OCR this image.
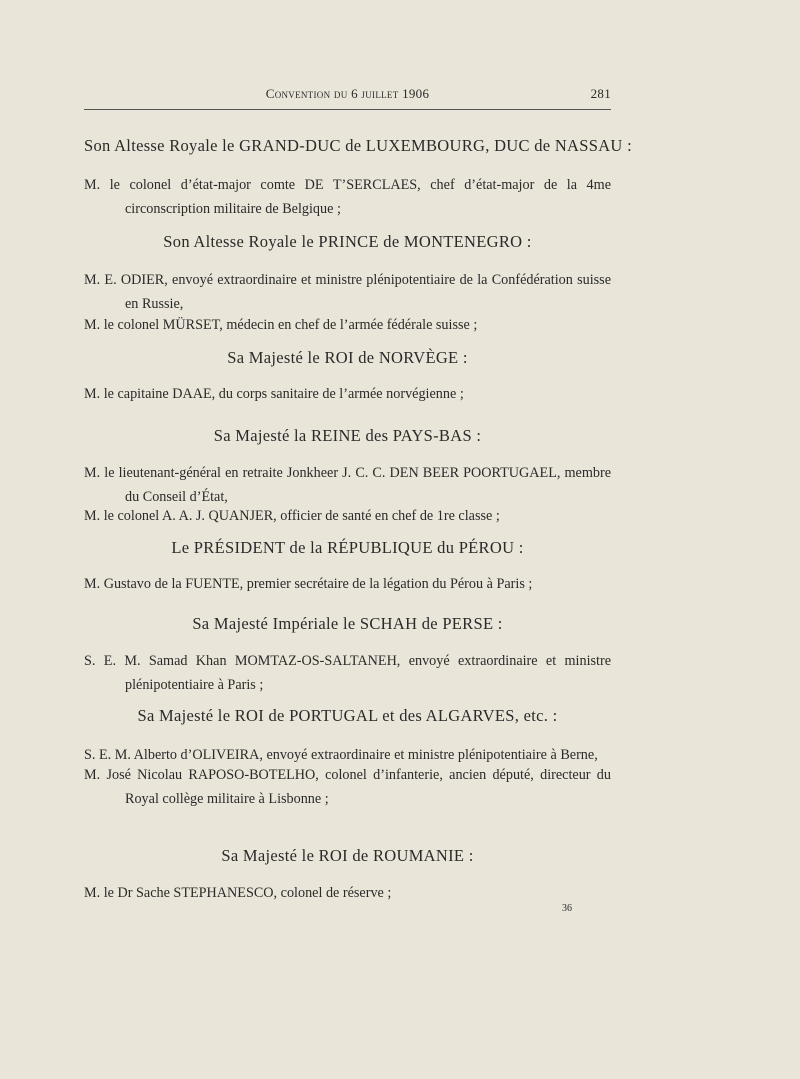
Convention du 6 juillet 1906	281

Son Altesse Royale le GRAND-DUC de LUXEMBOURG, DUC de NASSAU :

M. le colonel d’état-major comte DE T’SERCLAES, chef d’état-major de la 4me circonscription militaire de Belgique ;

Son Altesse Royale le PRINCE de MONTENEGRO :

M. E. ODIER, envoyé extraordinaire et ministre plénipotentiaire de la Confédération suisse en Russie,

M. le colonel MÜRSET, médecin en chef de l’armée fédérale suisse ;

Sa Majesté le ROI de NORVÈGE :

M. le capitaine DAAE, du corps sanitaire de l’armée norvégienne ;

Sa Majesté la REINE des PAYS-BAS :

M. le lieutenant-général en retraite Jonkheer J. C. C. DEN BEER POORTUGAEL, membre du Conseil d’État,

M. le colonel A. A. J. QUANJER, officier de santé en chef de 1re classe ;

Le PRÉSIDENT de la RÉPUBLIQUE du PÉROU :

M. Gustavo de la FUENTE, premier secrétaire de la légation du Pérou à Paris ;

Sa Majesté Impériale le SCHAH de PERSE :

S. E. M. Samad Khan MOMTAZ-OS-SALTANEH, envoyé extraordinaire et ministre plénipotentiaire à Paris ;

Sa Majesté le ROI de PORTUGAL et des ALGARVES, etc. :

S. E. M. Alberto d’OLIVEIRA, envoyé extraordinaire et ministre plénipotentiaire à Berne,

M. José Nicolau RAPOSO-BOTELHO, colonel d’infanterie, ancien député, directeur du Royal collège militaire à Lisbonne ;

Sa Majesté le ROI de ROUMANIE :

M. le Dr Sache STEPHANESCO, colonel de réserve ;

36
